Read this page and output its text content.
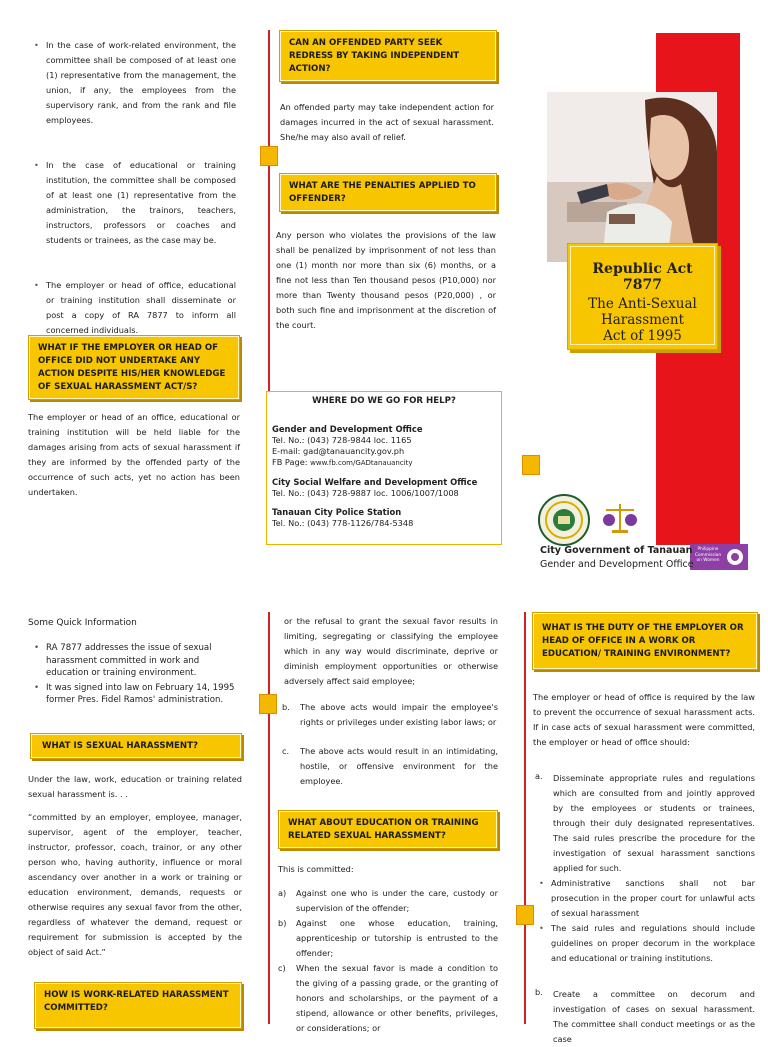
• In the case of work-related environment, the committee shall be composed of at least one (1) representative from the management, the union, if any, the employees from the supervisory rank, and from the rank and file employees.
• In the case of educational or training institution, the committee shall be composed of at least one (1) representative from the administration, the trainors, teachers, instructors, professors or coaches and students or trainees, as the case may be.
• The employer or head of office, educational or training institution shall disseminate or post a copy of RA 7877 to inform all concerned individuals.
WHAT IF THE EMPLOYER OR HEAD OF OFFICE DID NOT UNDERTAKE ANY ACTION DESPITE HIS/HER KNOWLEDGE OF SEXUAL HARASSMENT ACT/S?

The employer or head of an office, educational or training institution will be held liable for the damages arising from acts of sexual harassment if they are informed by the offended party of the occurrence of such acts, yet no action has been undertaken.

CAN AN OFFENDED PARTY SEEK REDRESS BY TAKING INDEPENDENT ACTION?

An offended party may take independent action for damages incurred in the act of sexual harassment. She/he may also avail of relief.

WHAT ARE THE PENALTIES APPLIED TO OFFENDER?

Any person who violates the provisions of the law shall be penalized by imprisonment of not less than one (1) month nor more than six (6) months, or a fine not less than Ten thousand pesos (P10,000) nor more than Twenty thousand pesos (P20,000) , or both such fine and imprisonment at the discretion of the court.

WHERE DO WE GO FOR HELP?

Gender and Development Office

Tel. No.: (043) 728-9844 loc. 1165

E-mail: gad@tanauancity.gov.ph

FB Page: www.fb.com/GADtanauancity

City Social Welfare and Development Office

Tel. No.: (043) 728-9887 loc. 1006/1007/1008

Tanauan City Police Station

Tel. No.: (043) 778-1126/784-5348

Republic Act 7877
The Anti-Sexual
Harassment
Act of 1995
Philippine Commission on Women
City Government of Tanauan
Gender and Development Office
Some Quick Information
• RA 7877 addresses the issue of sexual harassment committed in work and education or training environment.
• It was signed into law on February 14, 1995 former Pres. Fidel Ramos' administration.
WHAT IS SEXUAL HARASSMENT?

Under the law, work, education or training related sexual harassment is. . .

“committed by an employer, employee, manager, supervisor, agent of the employer, teacher, instructor, professor, coach, trainor, or any other person who, having authority, influence or moral ascendancy over another in a work or training or education environment, demands, requests or otherwise requires any sexual favor from the other, regardless of whatever the demand, request or requirement for submission is accepted by the object of said Act.”

HOW IS WORK-RELATED HARASSMENT COMMITTED?

or the refusal to grant the sexual favor results in limiting, segregating or classifying the employee which in any way would discriminate, deprive or diminish employment opportunities or otherwise adversely affect said employee;

b. The above acts would impair the employee's rights or privileges under existing labor laws; or
c. The above acts would result in an intimidating, hostile, or offensive environment for the employee.
WHAT ABOUT EDUCATION OR TRAINING RELATED SEXUAL HARASSMENT?
This is committed:
a) Against one who is under the care, custody or supervision of the offender;
b) Against one whose education, training, apprenticeship or tutorship is entrusted to the offender;
c) When the sexual favor is made a condition to the giving of a passing grade, or the granting of honors and scholarships, or the payment of a stipend, allowance or other benefits, privileges, or considerations; or
WHAT IS THE DUTY OF THE EMPLOYER OR HEAD OF OFFICE IN A WORK OR EDUCATION/ TRAINING ENVIRONMENT?

The employer or head of office is required by the law to prevent the occurrence of sexual harassment acts. If in case acts of sexual harassment were committed, the employer or head of office should:

a. Disseminate appropriate rules and regulations which are consulted from and jointly approved by the employees or students or trainees, through their duly designated representatives. The said rules prescribe the procedure for the investigation of sexual harassment sanctions applied for such.

• Administrative sanctions shall not bar prosecution in the proper court for unlawful acts of sexual harassment
• The said rules and regulations should include guidelines on proper decorum in the workplace and educational or training institutions.
b. Create a committee on decorum and investigation of cases on sexual harassment. The committee shall conduct meetings or as the case
